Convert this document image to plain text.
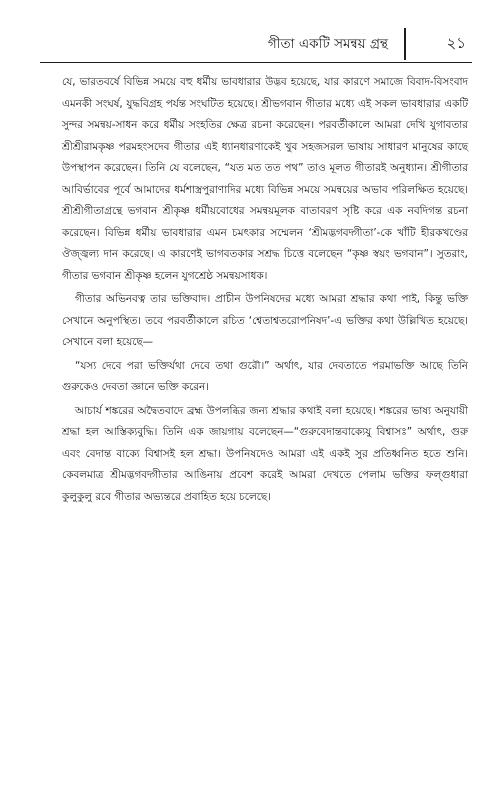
গীতা একটি সমন্বয় গ্রন্থ	২১

যে, ভারতবর্ষে বিভিন্ন সময়ে বহু ধর্মীয় ভাবধারার উদ্ভব হয়েছে, যার কারণে সমাজে বিবাদ-বিসংবাদ এমনকী সংঘর্ষ, যুদ্ধবিগ্রহ পর্যন্ত সংঘটিত হয়েছে। শ্রীভগবান গীতার মধ্যে এই সকল ভাবধারার একটি সুন্দর সমন্বয়-সাধন করে ধর্মীয় সংহতির ক্ষেত্র রচনা করেছেন। পরবর্তীকালে আমরা দেখি যুগাবতার শ্রীশ্রীরামকৃষ্ণ পরমহংসদেব গীতার এই ধ্যানধারণাকেই খুব সহজসরল ভাষায় সাধারণ মানুষের কাছে উপস্থাপন করেছেন। তিনি যে বলেছেন, “যত মত তত পথ” তাও মূলত গীতারই অনুধ্যান। শ্রীগীতার আবির্ভাবের পূর্বে আমাদের ধর্মশাস্ত্রপুরাণাদির মধ্যে বিভিন্ন সময়ে সমন্বয়ের অভাব পরিলক্ষিত হয়েছে। শ্রীশ্রীগীতাগ্রন্থে ভগবান শ্রীকৃষ্ণ ধর্মীয়বোধের সমন্বয়মূলক বাতাবরণ সৃষ্টি করে এক নবদিগন্ত রচনা করেছেন। বিভিন্ন ধর্মীয় ভাবধারার এমন চমৎকার সম্মেলন ‘শ্রীমদ্ভগবদ্গীতা’-কে খাঁটি হীরকখণ্ডের ঔজ্জ্বল্য দান করেছে। এ কারণেই ভাগবতকার সশ্রদ্ধ চিত্তে বলেছেন “কৃষ্ণ স্বয়ং ভগবান”। সুতরাং, গীতার ভগবান শ্রীকৃষ্ণ হলেন যুগশ্রেষ্ঠ সমন্বয়সাধক।

গীতার অভিনবত্ব তার ভক্তিবাদ। প্রাচীন উপনিষদের মধ্যে আমরা শ্রদ্ধার কথা পাই, কিন্তু ভক্তি সেখানে অনুপস্থিত। তবে পরবর্তীকালে রচিত ‘শ্বেতাশ্বতরোপনিষদ’-এ ভক্তির কথা উল্লিখিত হয়েছে। সেখানে বলা হয়েছে—

“যস্য দেবে পরা ভক্তির্যথা দেবে তথা গুরৌ।” অর্থাৎ, যার দেবতাতে পরমাভক্তি আছে তিনি গুরুকেও দেবতা জ্ঞানে ভক্তি করেন।

আচার্য শঙ্করের অদ্বৈতবাদে ব্রহ্ম উপলব্ধির জন্য শ্রদ্ধার কথাই বলা হয়েছে। শঙ্করের ভাষ্য অনুযায়ী শ্রদ্ধা হল আস্তিক্যবুদ্ধি। তিনি এক জায়গায় বলেছেন—“গুরুবেদান্তবাক্যেযু বিশ্বাসঃ” অর্থাৎ, গুরু এবং বেদান্ত বাক্যে বিশ্বাসই হল শ্রদ্ধা। উপনিষদেও আমরা এই একই সুর প্রতিধ্বনিত হতে শুনি। কেবলমাত্র শ্রীমদ্ভগবদ্গীতার আঙিনায় প্রবেশ করেই আমরা দেখতে পেলাম ভক্তির ফল্গুধারা কুলুকুলু রবে গীতার অভ্যন্তরে প্রবাহিত হয়ে চলেছে।
